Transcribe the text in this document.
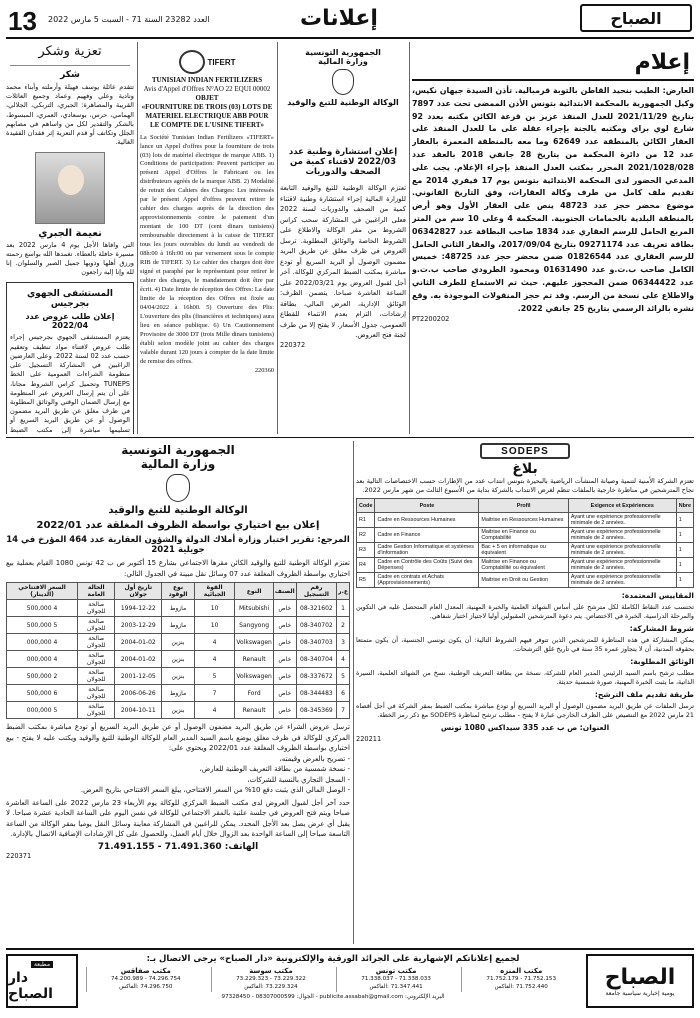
13 العدد 23282 السنة 71 - السبت 5 مارس 2022	إعلانات	الصباح
تعزية وشكر
شكر

تتقدم عائلة يوسف فهيلة وأرملته وأبناء محمد ونادية وعلي وفهيم وعماد وجميع العائلات القريبة والمصاهرة: الجبري، التربكي، الجلالي، الهمامي، حرس، بوسعادي، العمري، المبسوط، بالشكر والتقدير لكل من واساهم في مصابهم الجلل وتكاتف أو قدم التعزية إثر فقدان الفقيدة الغالية.

نعيمة الجبري

التي وافاها الأجل يوم 4 مارس 2022 بعد مسيرة حافلة بالعطاء. تغمدها الله بواسع رحمته ورزق أهلها وذويها جميل الصبر والسلوان. إنا لله وإنا إليه راجعون

المستشفى الجهوي بجرجيس
إعلان طلب عروض عدد 2022/04

يعتزم المستشفى الجهوي بجرجيس إجراء طلب عروض لاقتناء مواد تنظيف وتعقيم حسب عدد 02 لسنة 2022. وعلى العارضين الراغبين في المشاركة التسجيل على منظومة الشراءات العمومية على الخط TUNEPS وتحميل كراس الشروط مجانا، على أن يتم إرسال العروض عبر المنظومة مع إرسال الضمان الوقتي والوثائق المطلوبة في ظرف مغلق عن طريق البريد مضمون الوصول أو عن طريق البريد السريع أو تسليمها مباشرة إلى مكتب الضبط

TIFERT
TUNISIAN INDIAN FERTILIZERS
Avis d'Appel d'Offres N°AO 22 EQUI 00002
OBJET
«FOURNITURE DE TROIS (03) LOTS DE MATERIEL ELECTRIQUE ABB POUR LE COMPTE DE L'USINE TIFERT»

La Société Tunisian Indian Fertilizers «TIFERT» lance un Appel d'offres pour la fourniture de trois (03) lots de matériel électrique de marque ABB. 1) Conditions de participation: Peuvent participer au présent Appel d'Offres le Fabricant ou les distributeurs agréés de la marque ABB. 2) Modalité de retrait des Cahiers des Charges: Les intéressés par le présent Appel d'offres peuvent retirer le cahier des charges auprès de la direction des approvisionnements contre le paiement d'un montant de 100 DT (cent dinars tunisiens) remboursable directement à la caisse de TIFERT tous les jours ouvrables du lundi au vendredi de 08h:00 à 16h:00 ou par versement sous le compte RIB de TIFERT. 3) Le cahier des charges doit être signé et paraphé par le représentant pour retirer le cahier des charges, le mandatement doit être par écrit. 4) Date limite de réception des Offres: La date limite de la réception des Offres est fixée au 04/04/2022 à 16h00. 5) Ouverture des Plis: L'ouverture des plis (financières et techniques) aura lieu en séance publique. 6) Un Cautionnement Provisoire de 3000 DT (trois Mille dinars tunisiens) établi selon modèle joint au cahier des charges valable durant 120 jours à compter de la date limite de remise des offres.

220360
الجمهورية التونسية
وزارة المالية
الوكالة الوطنية للتبغ والوقيد
إعلان استشارة وطنية عدد 2022/03 لاقتناء كمية من الصحف والدوريات

تعتزم الوكالة الوطنية للتبغ والوقيد التابعة للوزارة المالية إجراء استشارة وطنية لاقتناء كمية من الصحف والدوريات لسنة 2022 فعلى الراغبين في المشاركة سحب كراس الشروط من مقر الوكالة والاطلاع على الشروط الخاصة والوثائق المطلوبة. ترسل العروض في ظرف مغلق عن طريق البريد مضمون الوصول أو البريد السريع أو تودع مباشرة بمكتب الضبط المركزي للوكالة. آخر أجل لقبول العروض يوم 2022/03/21 على الساعة العاشرة صباحا. يتضمن الظرف: الوثائق الإدارية، العرض المالي، بطاقة إرشادات، التزام بعدم الانتماء للقطاع العمومي، جدول الأسعار. لا يفتح إلا من طرف لجنة فتح العروض.

220372
إعلام

العارض: الطيب بنحيد القاطن بالتوبة قرمبالية. تأذن السيدة جيهان نكيس، وكيل الجمهورية بالمحكمة الابتدائية بتونس الأذن الممضى تحت عدد 7897 بتاريخ 2021/11/29 للعدل المنفذ عزيز بن قرعة الكائن مكتبه بعدد 92 شارع لوي براي ومكتبه بالجنة بإجراء عقلة على ما للعدل المنفذ على العقار الكائن بالمنطقة عدد 62649 وما معه بالمنطقة المعمرة بالعقار عدد 12 من دائرة المحكمة من بتاريخ 28 جانفي 2018 بالعقد عدد 2021/1028/028 المحرر بمكتب العدل المنفذ بإجراء الإعلام. يجب على المدعي الحضور لدى المحكمة الابتدائية بتونس يوم 17 فيفري 2014 مع تقديم ملف كامل من طرف وكالة العقارات، وفق التاريخ القانوني. موضوع محضر حجز عدد 48723 ينص على العقار الأول وهو أرض بالمنطقة البلدية بالحمامات الجنوبية. المحكمة 4 وعلى 10 سم من المتر المربع الحامل للرسم العقاري عدد 1834 صاحب البطاقة عدد 06342827 بطاقة تعريف عدد 09271174 بتاريخ 2017/09/04، والعقار الثاني الحامل للرسم العقاري عدد 01826544 ضمن محضر حجز عدد 48725: خميس الكامل صاحب ب.ت.و عدد 01631490 ومحمود الطرودي صاحب ب.ت.و عدد 06344422 ضمن المحجوز عليهم. حيث تم الاستماع للطرف الثاني والاطلاع على نسخة من الرسم. وقد تم حجز المنقولات الموجودة به. وقع نشره بالرائد الرسمي بتاريخ 25 جانفي 2022.

PT2200202
الجمهورية التونسية
وزارة المالية
الوكالة الوطنية للتبغ والوقيد
إعلان بيع اختياري بواسطة الظروف المغلقة عدد 2022/01
المرجع: تقرير اختبار وزارة أملاك الدولة والشؤون العقارية عدد 464 المؤرخ في 14 جويلية 2021

تعتزم الوكالة الوطنية للتبغ والوقيد الكائن مقرها الاجتماعي بشارع 15 أكتوبر ص ب 42 تونس 1080 القيام بعملية بيع اختياري بواسطة الظروف المغلقة عدد 07 وسائل نقل مبينة في الجدول التالي:

ع.ر	رقم التسجيل	الصنف	النوع	القوة الجبائية	نوع الوقود	تاريخ أول جولان	الحالة العامة	السعر الافتتاحي (الدينار)
1	08-321602	خاص	Mitsubishi	10	مازوط	1994-12-22	صالحة للجولان	4 500,000
2	08-340702	خاص	Sangyong	10	مازوط	2003-12-29	صالحة للجولان	5 500,000
3	08-340703	خاص	Volkswagen	4	بنزين	2004-01-02	صالحة للجولان	4 000,000
4	08-340704	خاص	Renault	4	بنزين	2004-01-02	صالحة للجولان	4 000,000
5	08-337672	خاص	Volkswagen	5	بنزين	2001-12-05	صالحة للجولان	2 500,000
6	08-344483	خاص	Ford	7	مازوط	2006-06-26	صالحة للجولان	6 500,000
7	08-345369	خاص	Renault	4	بنزين	2004-10-11	صالحة للجولان	5 000,000

ترسل عروض الشراء عن طريق البريد مضمون الوصول أو عن طريق البريد السريع أو تودع مباشرة بمكتب الضبط المركزي للوكالة في ظرف مغلق يوضع باسم السيد المدير العام للوكالة الوطنية للتبغ والوقيد ويكتب عليه لا يفتح - بيع اختياري بواسطة الظروف المغلقة عدد 2022/01 ويحتوي على:

- تصريح بالعرض وقيمته،

- نسخة شمسية من بطاقة التعريف الوطنية للعارض،

- السجل التجاري بالنسبة للشركات،

- الوصل المالي الذي يثبت دفع 10% من السعر الافتتاحي، يبلغ السعر الافتتاحي بتاريخ العرض.

حدد آخر أجل لقبول العروض لدى مكتب الضبط المركزي للوكالة يوم الأربعاء 23 مارس 2022 على الساعة العاشرة صباحا ويتم فتح العروض في جلسة علنية بالمقر الاجتماعي للوكالة في نفس اليوم على الساعة الحادية عشرة صباحا. لا يقبل أي عرض يصل بعد الأجل المحدد. يمكن للراغبين في المشاركة معاينة وسائل النقل يوميا بمقر الوكالة من الساعة التاسعة صباحا إلى الساعة الواحدة بعد الزوال خلال أيام العمل، وللحصول على كل الإرشادات الإضافية الاتصال بالإدارة.

الهاتف: 71.491.360 - 71.491.155
220371
SODEPS
بلاغ

تعتزم الشركة الأمنية لتنمية وصيانة المنشآت الرياضية بالبحيرة بتونس انتداب عدد من الإطارات حسب الاختصاصات التالية بعد نجاح المترشحين في مناظرة خارجية بالملفات تنظم لغرض الانتداب بالشركة بداية من الأسبوع الثالث من شهر مارس 2022.

Code	Poste	Profil	Exigence et Expériences	Nbre
R1	Cadre en Ressources Humaines	Maitrise en Ressources Humaines	Ayant une expérience professionnelle minimale de 2 années.	1
R2	Cadre en Finance	Maitrise en Finance ou Comptabilité	Ayant une expérience professionnelle minimale de 2 années.	1
R3	Cadre Gestion Informatique et systèmes d'information	Bac + 5 en informatique ou équivalent	Ayant une expérience professionnelle minimale de 2 années.	1
R4	Cadre en Contrôle des Coûts (Suivi des Dépenses)	Maitrise en Finance ou Comptabilité ou équivalent	Ayant une expérience professionnelle minimale de 2 années.	1
R5	Cadre en contrats et Achats (Approvisionnements)	Maitrise en Droit ou Gestion	Ayant une expérience professionnelle minimale de 2 années.	1
المقاييس المعتمدة:

تحتسب عدد النقاط الكاملة لكل مترشح على أساس الشهائد العلمية والخبرة المهنية، المعدل العام المتحصل عليه في التكوين والمرحلة الدراسية، الخبرة في الاختصاص. يتم دعوة المترشحين المقبولين أوليا لاجتياز اختبار شفاهي.

شروط المشاركة:

يمكن المشاركة في هذه المناظرة للمترشحين الذين تتوفر فيهم الشروط التالية: أن يكون تونسي الجنسية، أن يكون متمتعا بحقوقه المدنية، أن لا يتجاوز عمره 35 سنة في تاريخ غلق الترشحات.

الوثائق المطلوبة:

مطلب ترشح باسم السيد الرئيس المدير العام للشركة، نسخة من بطاقة التعريف الوطنية، نسخ من الشهائد العلمية، السيرة الذاتية، ما يثبت الخبرة المهنية، صورة شمسية حديثة.

طريقة تقديم ملف الترشح:

ترسل الملفات عن طريق البريد مضمون الوصول أو البريد السريع أو تودع مباشرة بمكتب الضبط بمقر الشركة في أجل أقصاه 21 مارس 2022 مع التنصيص على الظرف الخارجي عبارة لا يفتح - مطلب ترشح لمناظرة SODEPS مع ذكر رمز الخطة.

العنوان: ص ب عدد 335 سيداكس 1080 تونس
220211
الصباح
يومية إخبارية سياسية جامعة
لجميع إعلاناتكم الإشهارية على الجرائد الورقية والإلكترونية «دار الصباح» يرجى الاتصال بـ:
مكتب المنزه
71.752.153 - 71.752.179
71.752.440 :الفاكس
مكتب تونس
71.338.033 - 71.338.037
71.347.441 :الفاكس
مكتب سوسة
73.229.322 - 73.229.323
73.229.324 :الفاكس
مكتب صفاقس
74.296.754 - 74.200.989
74.296.750 :الفاكس
البريد الإلكتروني: publicite.assabah@gmail.com - الجوال: 08307000599 - 97328450
مطبعة
دار الصباح
